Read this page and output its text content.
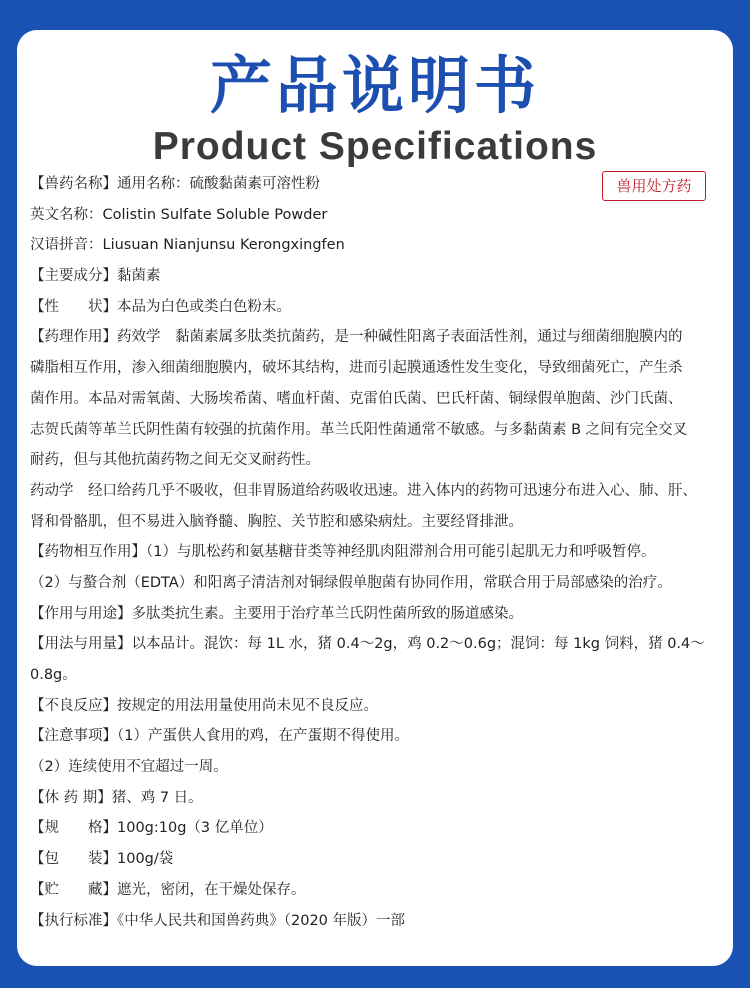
产品说明书
Product Specifications
兽用处方药
【兽药名称】通用名称：硫酸黏菌素可溶性粉
英文名称：Colistin Sulfate Soluble Powder
汉语拼音：Liusuan Nianjunsu Kerongxingfen
【主要成分】黏菌素
【性　　状】本品为白色或类白色粉末。
【药理作用】药效学　黏菌素属多肽类抗菌药，是一种碱性阳离子表面活性剂，通过与细菌细胞膜内的
磷脂相互作用，渗入细菌细胞膜内，破坏其结构，进而引起膜通透性发生变化，导致细菌死亡，产生杀
菌作用。本品对需氧菌、大肠埃希菌、嗜血杆菌、克雷伯氏菌、巴氏杆菌、铜绿假单胞菌、沙门氏菌、
志贺氏菌等革兰氏阴性菌有较强的抗菌作用。革兰氏阳性菌通常不敏感。与多黏菌素 B 之间有完全交叉
耐药，但与其他抗菌药物之间无交叉耐药性。
药动学　经口给药几乎不吸收，但非胃肠道给药吸收迅速。进入体内的药物可迅速分布进入心、肺、肝、
肾和骨骼肌，但不易进入脑脊髓、胸腔、关节腔和感染病灶。主要经肾排泄。
【药物相互作用】（1）与肌松药和氨基糖苷类等神经肌肉阻滞剂合用可能引起肌无力和呼吸暂停。
（2）与螯合剂（EDTA）和阳离子清洁剂对铜绿假单胞菌有协同作用，常联合用于局部感染的治疗。
【作用与用途】多肽类抗生素。主要用于治疗革兰氏阴性菌所致的肠道感染。
【用法与用量】以本品计。混饮：每 1L 水，猪 0.4～2g，鸡 0.2～0.6g；混饲：每 1kg 饲料，猪 0.4～
0.8g。
【不良反应】按规定的用法用量使用尚未见不良反应。
【注意事项】（1）产蛋供人食用的鸡，在产蛋期不得使用。
（2）连续使用不宜超过一周。
【休 药 期】猪、鸡 7 日。
【规　　格】100g:10g（3 亿单位）
【包　　装】100g/袋
【贮　　藏】遮光，密闭，在干燥处保存。
【执行标准】《中华人民共和国兽药典》（2020 年版）一部
